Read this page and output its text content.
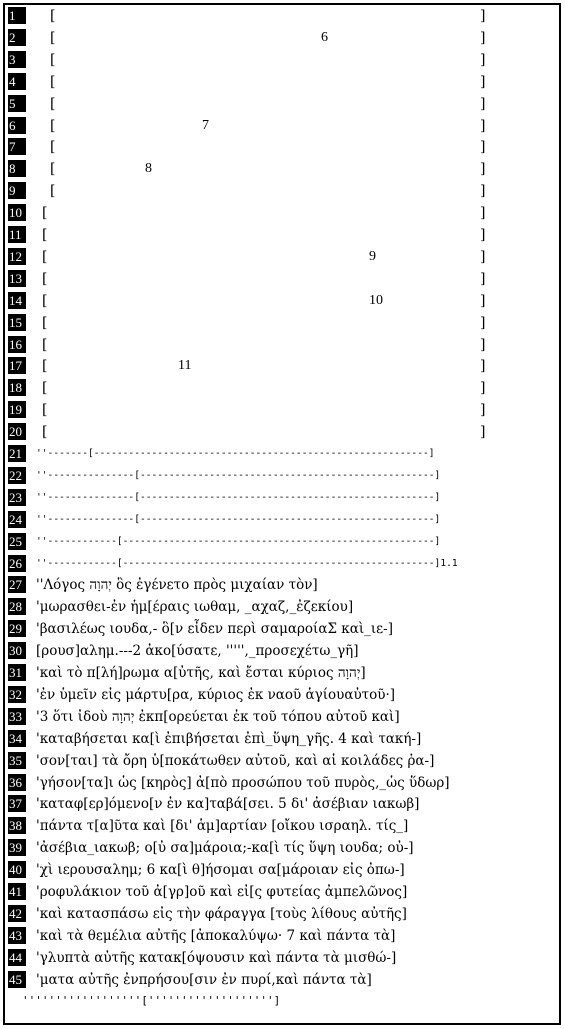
1	[	]
2	[	]
6
3	[	]
4	[	]
5	[	]
6	[	]
7
7	[	]
8	[	]
8
9	[	]
10 [	]
11	[	]
12 [	]
9
13 [	]
14 [	]
10
15 [	]
16 [	]
17 [	]
11
18 [	]
19 [	]
20 [	]
21	''-------[----------------------------------------------------------]
22	''---------------[---------------------------------------------------]
23	''---------------[---------------------------------------------------]
24	''---------------[---------------------------------------------------]
25	''------------[------------------------------------------------------]
26	''------------[------------------------------------------------------]1.1
27 ''Λόγος יְהוָה ὃς ἐγένετο πρὸς μιχαίαν τὸν]
28 'μωρασθει-ἐν ἡμ[έραις ιωθαμ, _αχαζ,_ἐζεκίου]
29 'βασιλέως ιουδα,- ὃ[ν εἶδεν περὶ σαμαροίαΣ καὶ_ιε-]
30 [ρουσ]αλημ.---2 ἀκο[ύσατε, ''''',_προσεχέτω_γῆ]
31 'καὶ τὸ π[λή]ρωμα α[ὐτῆς, καὶ ἔσται κύριος יְהוָה]
32 'ἐν ὑμεῖν εἰς μάρτυ[ρα, κύριος ἐκ ναοῦ ἁγίουαὐτοῦ·]
33 '3 ὅτι ἰδοὺ יְהוָה ἐκπ[ορεύεται ἐκ τοῦ τόπου αὐτοῦ καὶ]
34 'καταβήσεται κα[ὶ ἐπιβήσεται ἐπὶ_ὕψη_γῆς. 4 καὶ τακή-]
35 'σον[ται] τὰ ὄρη ὑ[ποκάτωθεν αὐτοῦ, καὶ αἱ κοιλάδες ῥα-]
36 'γήσον[τα]ι ὡς [κηρὸς] ἀ[πὸ προσώπου τοῦ πυρὸς,_ὡς ὕδωρ]
37 'καταφ[ερ]όμενο[ν ἐν κα]ταβά[σει. 5 δι' ἀσέβιαν ιακωβ]
38 'πάντα τ[α]ῦτα καὶ [δι' ἁμ]αρτίαν [οἴκου ισραηλ. τίς_]
39 'ἀσέβια_ιακωβ; ο[ὐ σα]μάροια;-κα[ὶ τίς ὕψη ιουδα; οὐ-]
40 'χὶ ιερουσαλημ; 6 κα[ὶ θ]ήσομαι σα[μάροιαν εἰς ὀπω-]
41 'ροφυλάκιον τοῦ ἀ[γρ]οῦ καὶ εἰ[ς φυτείας ἀμπελῶνος]
42 'καὶ κατασπάσω εἰς τὴν φάραγγα [τοὺς λίθους αὐτῆς]
43 'καὶ τὰ θεμέλια αὐτῆς [ἀποκαλύψω· 7 καὶ πάντα τὰ]
44 'γλυπτὰ αὐτῆς κατακ[όψουσιν καὶ πάντα τὰ μισθώ-]
45 'ματα αὐτῆς ἐνπρήσου[σιν ἐν πυρί,καὶ πάντα τὰ]
''''''''''''''''''[''''''''''''''''''']
